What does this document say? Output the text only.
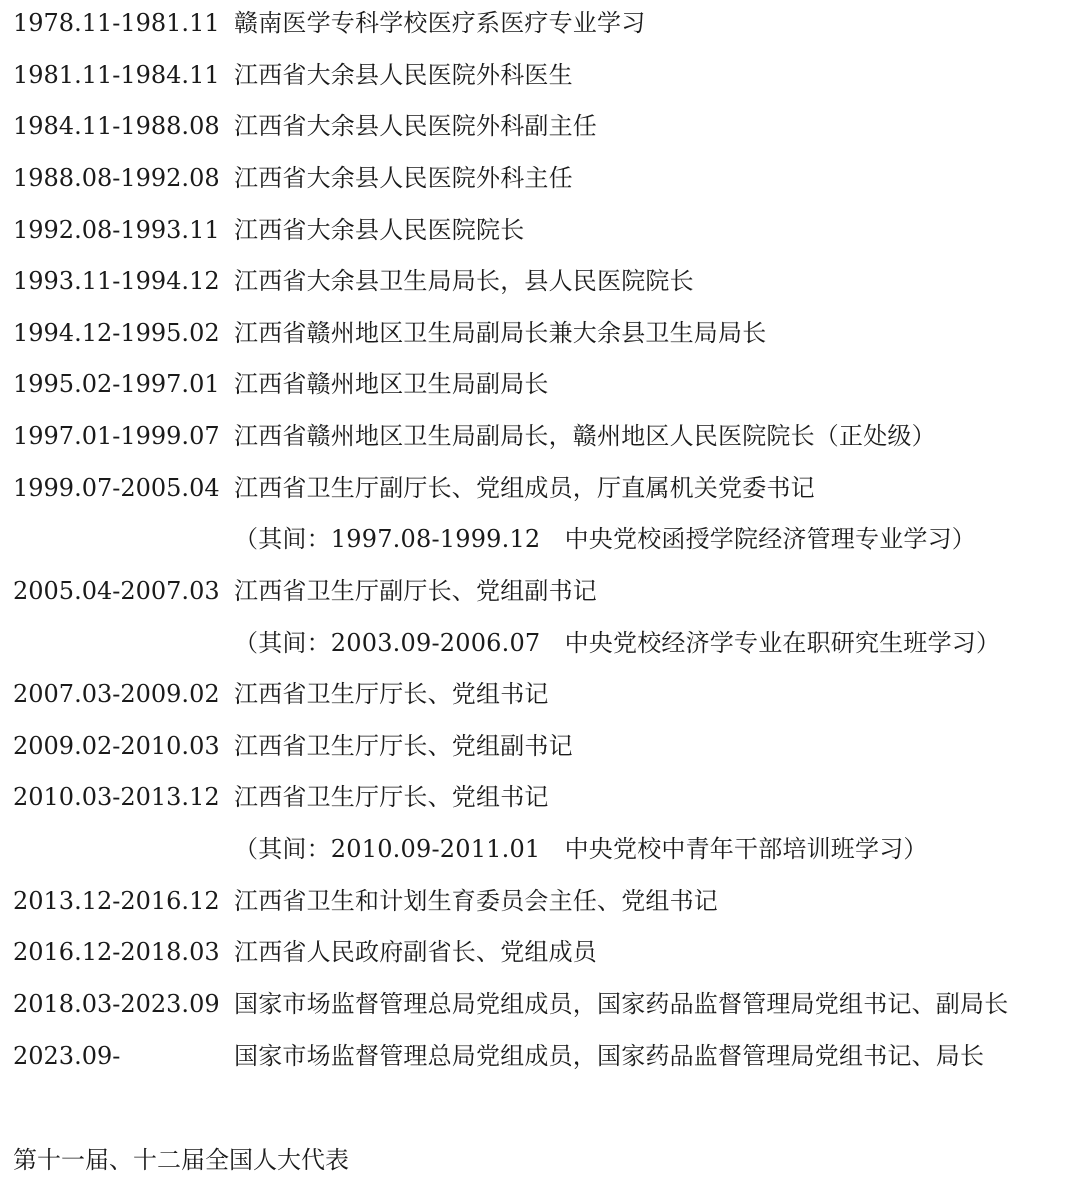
1978.11-1981.11 赣南医学专科学校医疗系医疗专业学习
1981.11-1984.11 江西省大余县人民医院外科医生
1984.11-1988.08 江西省大余县人民医院外科副主任
1988.08-1992.08 江西省大余县人民医院外科主任
1992.08-1993.11 江西省大余县人民医院院长
1993.11-1994.12 江西省大余县卫生局局长，县人民医院院长
1994.12-1995.02 江西省赣州地区卫生局副局长兼大余县卫生局局长
1995.02-1997.01 江西省赣州地区卫生局副局长
1997.01-1999.07 江西省赣州地区卫生局副局长，赣州地区人民医院院长（正处级）
1999.07-2005.04 江西省卫生厅副厅长、党组成员，厅直属机关党委书记
（其间：1997.08-1999.12　中央党校函授学院经济管理专业学习）
2005.04-2007.03 江西省卫生厅副厅长、党组副书记
（其间：2003.09-2006.07　中央党校经济学专业在职研究生班学习）
2007.03-2009.02 江西省卫生厅厅长、党组书记
2009.02-2010.03 江西省卫生厅厅长、党组副书记
2010.03-2013.12 江西省卫生厅厅长、党组书记
（其间：2010.09-2011.01　中央党校中青年干部培训班学习）
2013.12-2016.12 江西省卫生和计划生育委员会主任、党组书记
2016.12-2018.03 江西省人民政府副省长、党组成员
2018.03-2023.09 国家市场监督管理总局党组成员，国家药品监督管理局党组书记、副局长
2023.09-	国家市场监督管理总局党组成员，国家药品监督管理局党组书记、局长
第十一届、十二届全国人大代表
